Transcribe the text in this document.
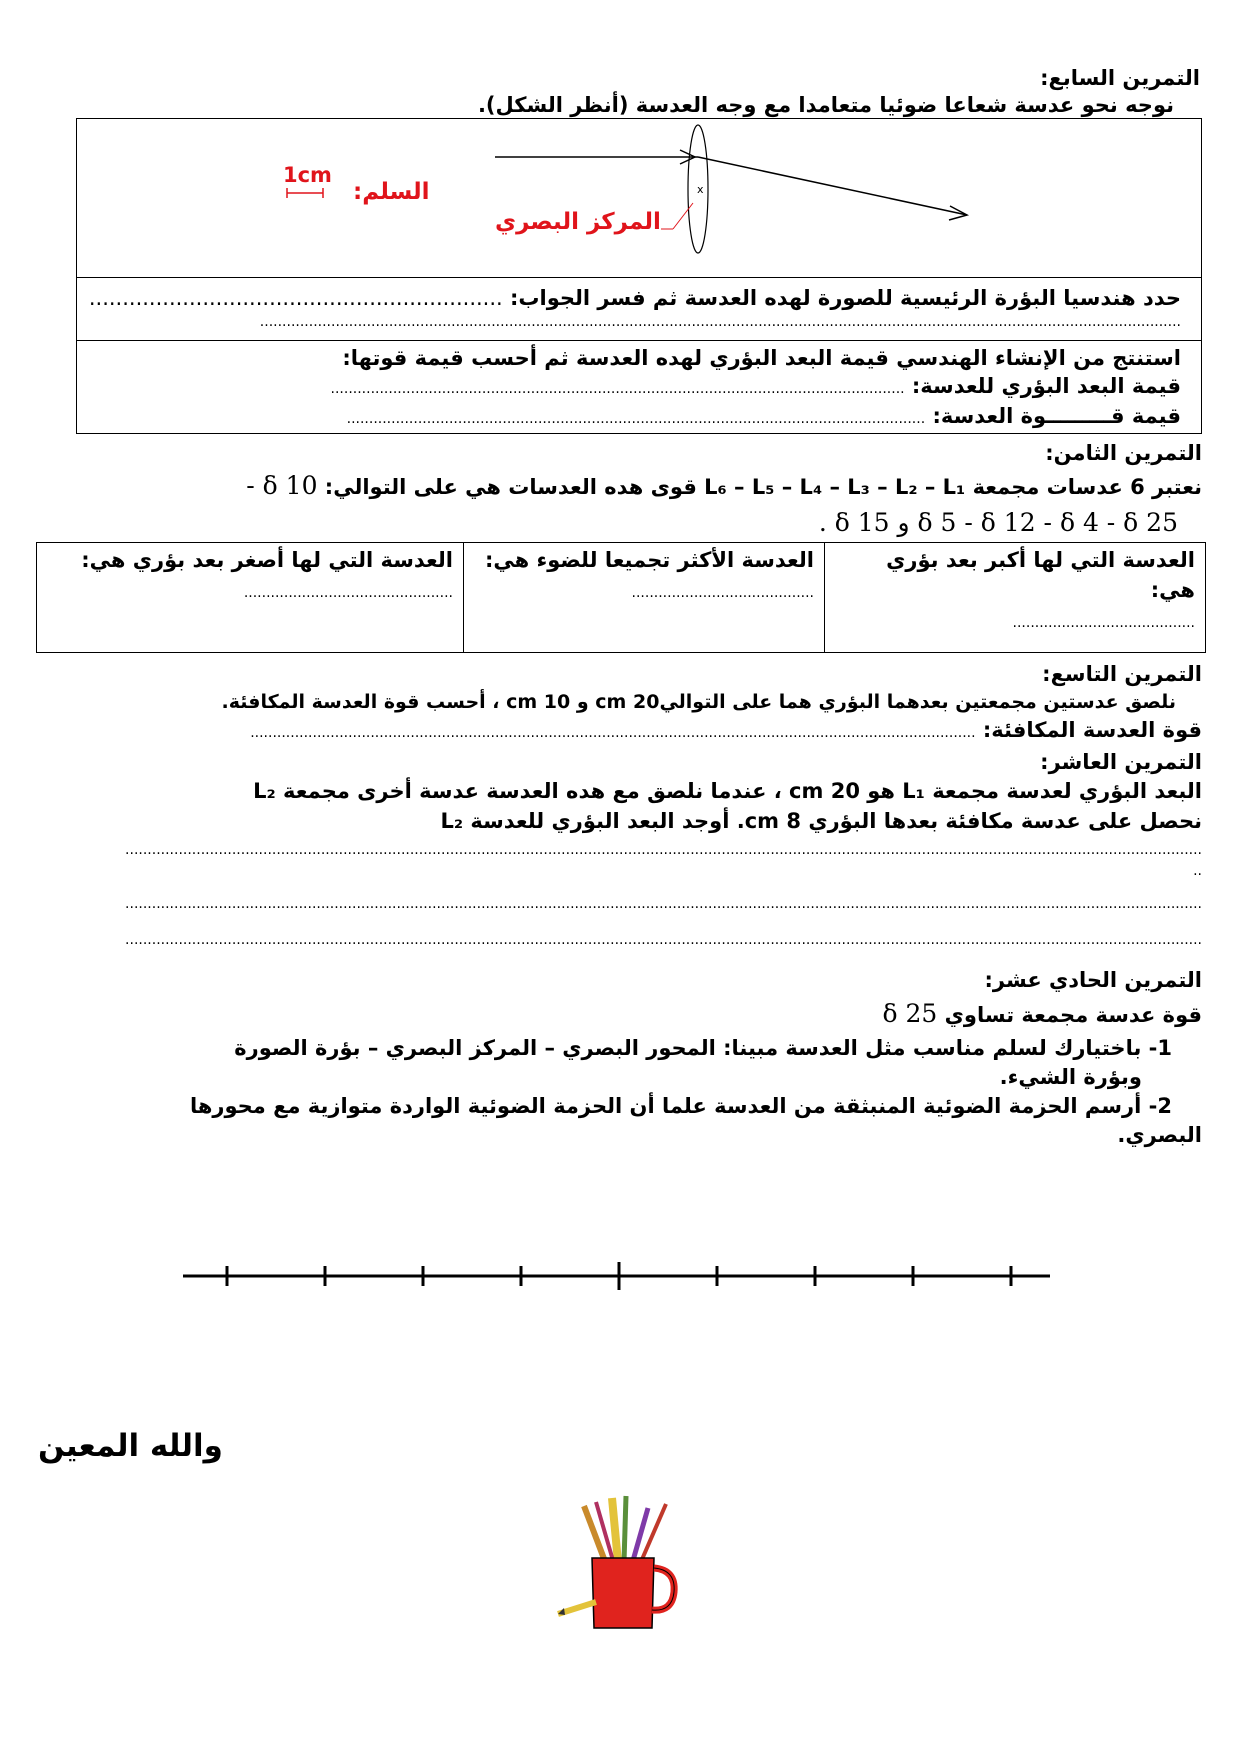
التمرين السابع:
نوجه نحو عدسة شعاعا ضوئيا متعامدا مع وجه العدسة (أنظر الشكل).
x
1cm
السلم:
المركز البصري
حدد هندسيا البؤرة الرئيسية للصورة لهده العدسة ثم فسر الجواب: ..............................................................
...............................................................................................................................................................................................................
استنتج من الإنشاء الهندسي قيمة البعد البؤري لهده العدسة ثم أحسب قيمة قوتها:
قيمة البعد البؤري للعدسة: .................................................................................................................................
قيمة قـــــــــوة العدسة: ..................................................................................................................................
التمرين الثامن:
نعتبر 6 عدسات مجمعة L₆ – L₅ – L₄ – L₃ – L₂ – L₁ قوى هده العدسات هي على التوالي: δ 10 -
δ 5 - δ 12 - δ 4 - δ 25 و δ 15 .
العدسة التي لها أكبر بعد بؤري هي:
.........................................	
العدسة الأكثر تجميعا للضوء هي:
.........................................	
العدسة التي لها أصغر بعد بؤري هي:
...............................................
التمرين التاسع:
نلصق عدستين مجمعتين بعدهما البؤري هما على التوالي20 cm و 10 cm ، أحسب قوة العدسة المكافئة.
قوة العدسة المكافئة: ...................................................................................................................................................................
التمرين العاشر:
البعد البؤري لعدسة مجمعة L₁ هو 20 cm ، عندما نلصق مع هده العدسة عدسة أخرى مجمعة L₂
نحصل على عدسة مكافئة بعدها البؤري 8 cm. أوجد البعد البؤري للعدسة L₂
..................................................................................................................................................................................................................................................
..
..................................................................................................................................................................................................................................................
..................................................................................................................................................................................................................................................
التمرين الحادي عشر:
قوة عدسة مجمعة تساوي δ 25
1- باختيارك لسلم مناسب مثل العدسة مبينا: المحور البصري – المركز البصري – بؤرة الصورة
وبؤرة الشيء.
2- أرسم الحزمة الضوئية المنبثقة من العدسة علما أن الحزمة الضوئية الواردة متوازية مع محورها
البصري.
والله المعين
